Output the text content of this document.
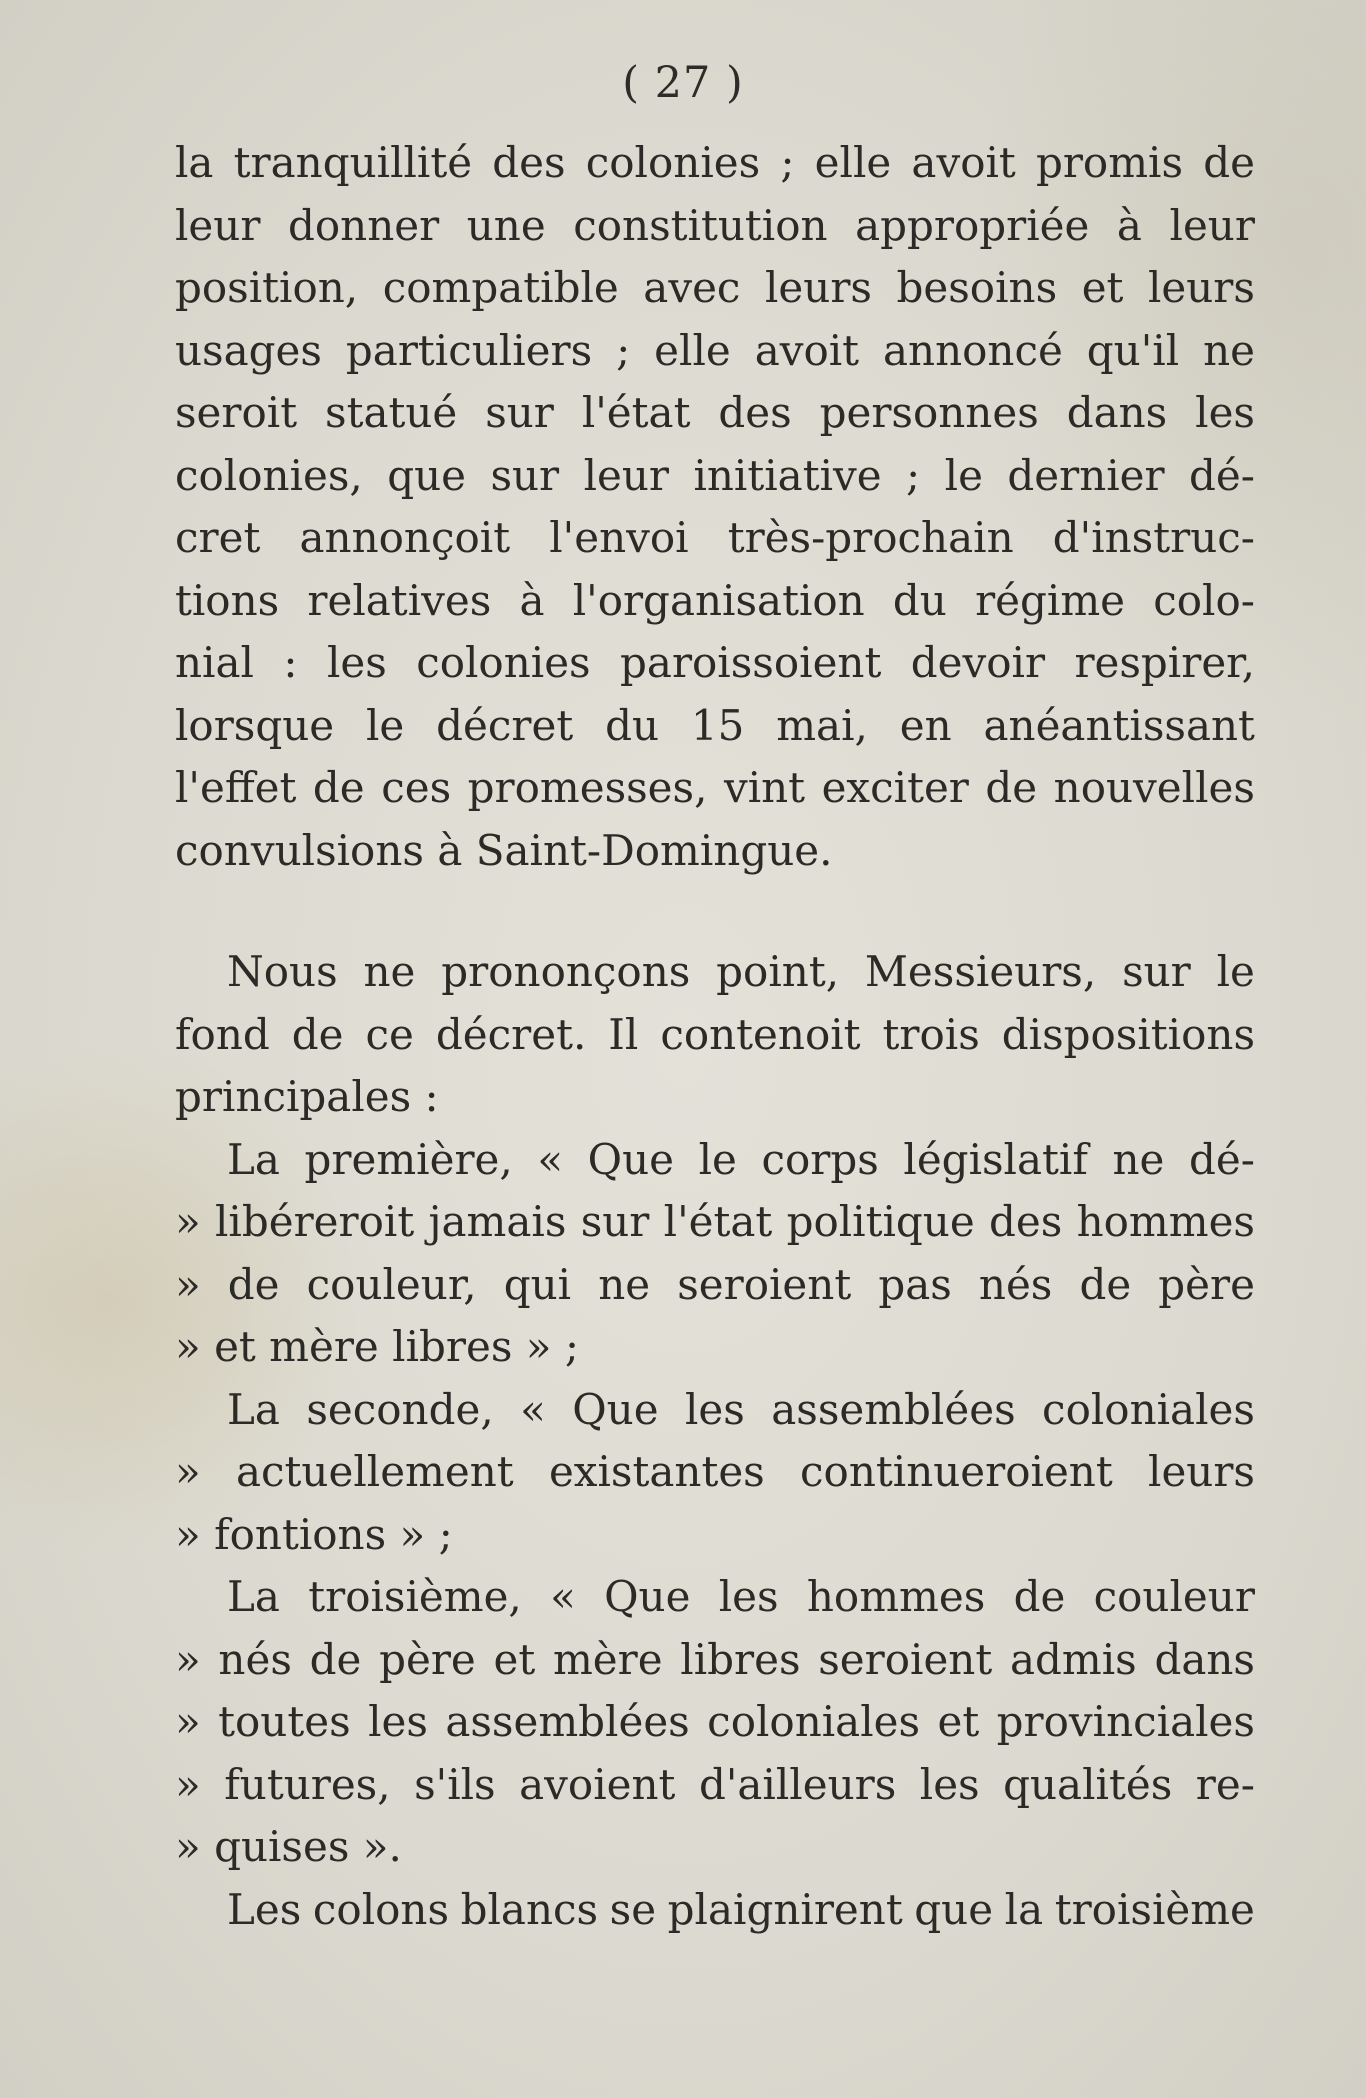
( 27 )
la tranquillité des colonies ; elle avoit promis de
leur donner une constitution appropriée à leur
position, compatible avec leurs besoins et leurs
usages particuliers ; elle avoit annoncé qu'il ne
seroit statué sur l'état des personnes dans les
colonies, que sur leur initiative ; le dernier dé-
cret annonçoit l'envoi très-prochain d'instruc-
tions relatives à l'organisation du régime colo-
nial : les colonies paroissoient devoir respirer,
lorsque le décret du 15 mai, en anéantissant
l'effet de ces promesses, vint exciter de nouvelles
convulsions
à
Saint-Domingue.

Nous ne prononçons point, Messieurs, sur le
fond de ce décret. Il contenoit trois dispositions
principales
:

La première, « Que le corps législatif ne dé-
» libéreroit jamais sur l'état politique des hommes
» de couleur, qui ne seroient pas nés de père
»
et
mère
libres
»
;

La seconde, « Que les assemblées coloniales
» actuellement existantes continueroient leurs
»
fontions
»
;

La troisième, « Que les hommes de couleur
» nés de père et mère libres seroient admis dans
» toutes les assemblées coloniales et provinciales
» futures, s'ils avoient d'ailleurs les qualités re-
»
quises
».

Les colons blancs se plaignirent que la troisième
